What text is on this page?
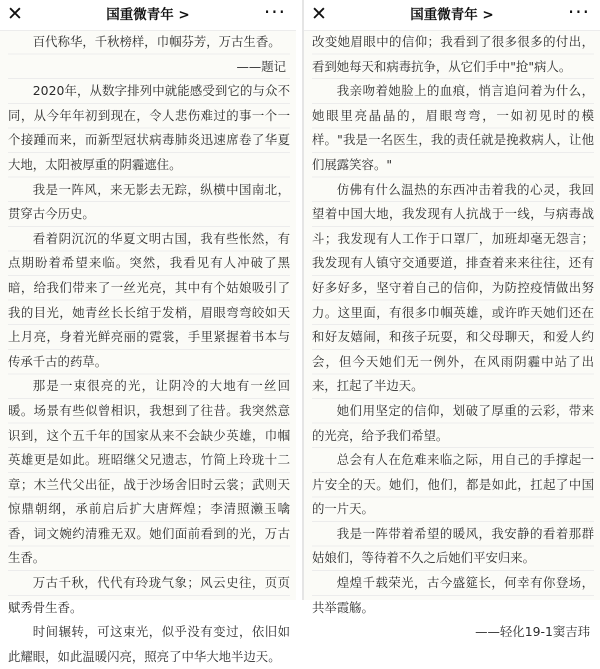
✕	国重微青年 >	···

百代称华，千秋榜样，巾帼芬芳，万古生香。

——题记

2020年，从数字排列中就能感受到它的与众不同，从今年年初到现在，令人悲伤难过的事一个一个接踵而来，而新型冠状病毒肺炎迅速席卷了华夏大地，太阳被厚重的阴霾遮住。

我是一阵风，来无影去无踪，纵横中国南北，贯穿古今历史。

看着阴沉沉的华夏文明古国，我有些怅然，有点期盼着希望来临。突然，我看见有人冲破了黑暗，给我们带来了一丝光亮，其中有个姑娘吸引了我的目光，她青丝长长绾于发梢，眉眼弯弯皎如天上月亮，身着光鲜亮丽的霓裳，手里紧握着书本与传承千古的药草。

那是一束很亮的光，让阴冷的大地有一丝回暖。场景有些似曾相识，我想到了往昔。我突然意识到，这个五千年的国家从来不会缺少英雄，巾帼英雄更是如此。班昭继父兄遗志，竹简上玲珑十二章；木兰代父出征，战于沙场舍旧时云裳；武则天惊鼎朝纲，承前启后扩大唐辉煌；李清照濑玉噙香，词文婉约清雅无双。她们面前看到的光，万古生香。

万古千秋，代代有玲珑气象；风云史往，页页赋秀骨生香。

时间辗转，可这束光，似乎没有变过，依旧如此耀眼，如此温暖闪亮，照亮了中华大地半边天。

✕	国重微青年 >	···

改变她眉眼中的信仰；我看到了很多很多的付出，看到她每天和病毒抗争，从它们手中"抢"病人。

我亲吻着她脸上的血痕，悄言追问着为什么，她眼里亮晶晶的，眉眼弯弯，一如初见时的模样。"我是一名医生，我的责任就是挽救病人，让他们展露笑容。"

仿佛有什么温热的东西冲击着我的心灵，我回望着中国大地，我发现有人抗战于一线，与病毒战斗；我发现有人工作于口罩厂，加班却毫无怨言；我发现有人镇守交通要道，排查着来来往往，还有好多好多，坚守着自己的信仰，为防控疫情做出努力。这里面，有很多巾帼英雄，或许昨天她们还在和好友嬉闹，和孩子玩耍，和父母聊天，和爱人约会，但今天她们无一例外，在风雨阴霾中站了出来，扛起了半边天。

她们用坚定的信仰，划破了厚重的云彩，带来的光亮，给予我们希望。

总会有人在危难来临之际，用自己的手撑起一片安全的天。她们，他们，都是如此，扛起了中国的一片天。

我是一阵带着希望的暖风，我安静的看着那群姑娘们，等待着不久之后她们平安归来。

煌煌千载荣光，古今盛筵长，何幸有你登场，共举霞觞。

——轻化19-1窦吉玮
